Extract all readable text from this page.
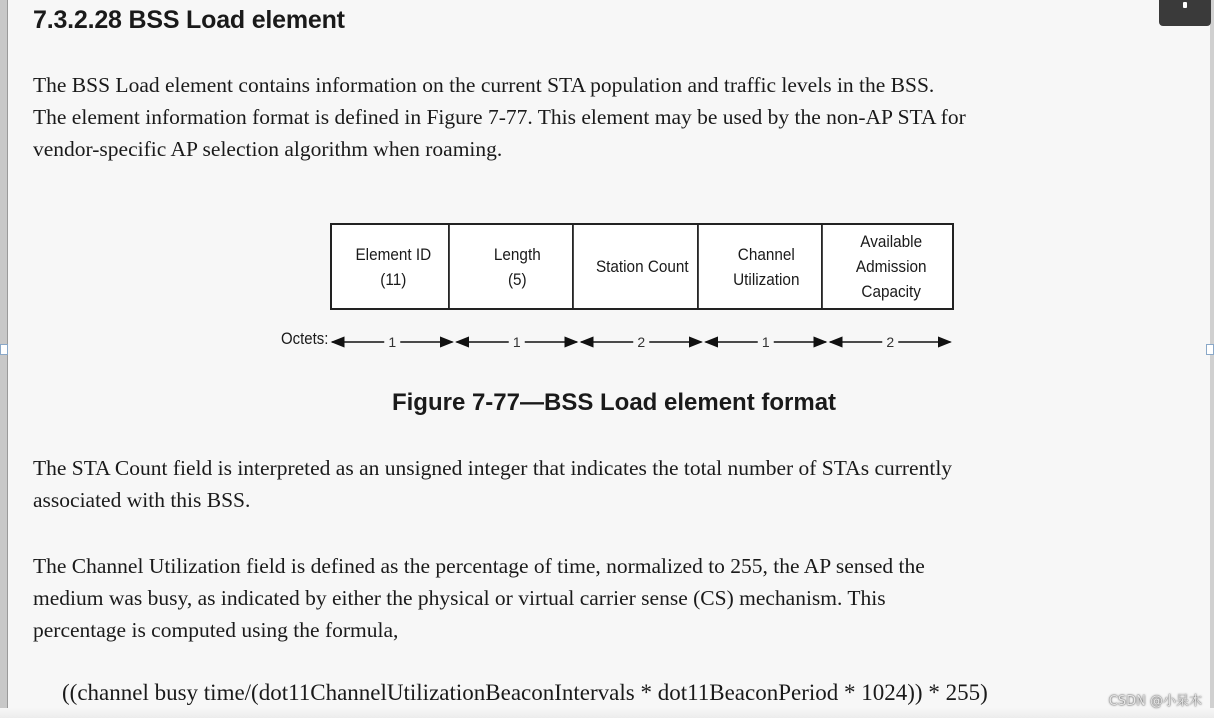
7.3.2.28 BSS Load element
The BSS Load element contains information on the current STA population and traffic levels in the BSS.
The element information format is defined in Figure 7-77. This element may be used by the non-AP STA for
vendor-specific AP selection algorithm when roaming.
Element ID
(11)
Length
(5)
Station Count
Channel
Utilization
Available
Admission
Capacity
Octets:	1	1	2	1	2
Figure 7-77—BSS Load element format
The STA Count field is interpreted as an unsigned integer that indicates the total number of STAs currently
associated with this BSS.
The Channel Utilization field is defined as the percentage of time, normalized to 255, the AP sensed the
medium was busy, as indicated by either the physical or virtual carrier sense (CS) mechanism. This
percentage is computed using the formula,
((channel busy time/(dot11ChannelUtilizationBeaconIntervals * dot11BeaconPeriod * 1024)) * 255)	CSDN @小呆木
